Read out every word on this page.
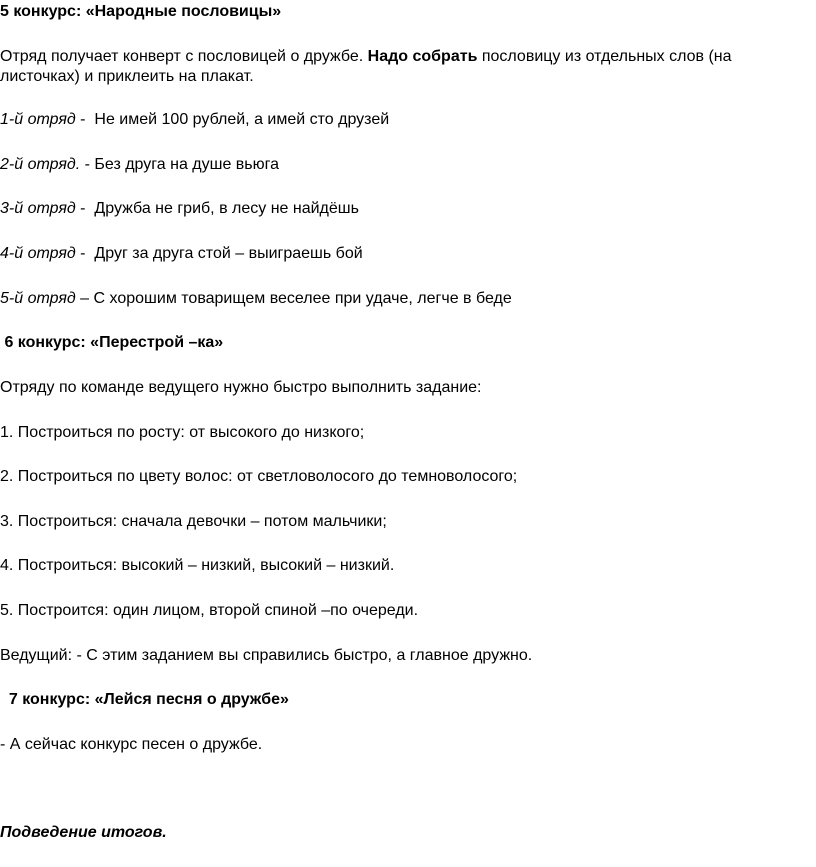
5 конкурс: «Народные пословицы»
Отряд получает конверт с пословицей о дружбе. Надо собрать пословицу из отдельных слов (на
листочках) и приклеить на плакат.
1-й отряд -  Не имей 100 рублей, а имей сто друзей
2-й отряд. - Без друга на душе вьюга
3-й отряд -  Дружба не гриб, в лесу не найдёшь
4-й отряд -  Друг за друга стой – выиграешь бой
5-й отряд – С хорошим товарищем веселее при удаче, легче в беде
6 конкурс: «Перестрой –ка»
Отряду по команде ведущего нужно быстро выполнить задание:
1. Построиться по росту: от высокого до низкого;
2. Построиться по цвету волос: от светловолосого до темноволосого;
3. Построиться: сначала девочки – потом мальчики;
4. Построиться: высокий – низкий, высокий – низкий.
5. Построится: один лицом, второй спиной –по очереди.
Ведущий: - С этим заданием вы справились быстро, а главное дружно.
7 конкурс: «Лейся песня о дружбе»
- А сейчас конкурс песен о дружбе.
Подведение итогов.
